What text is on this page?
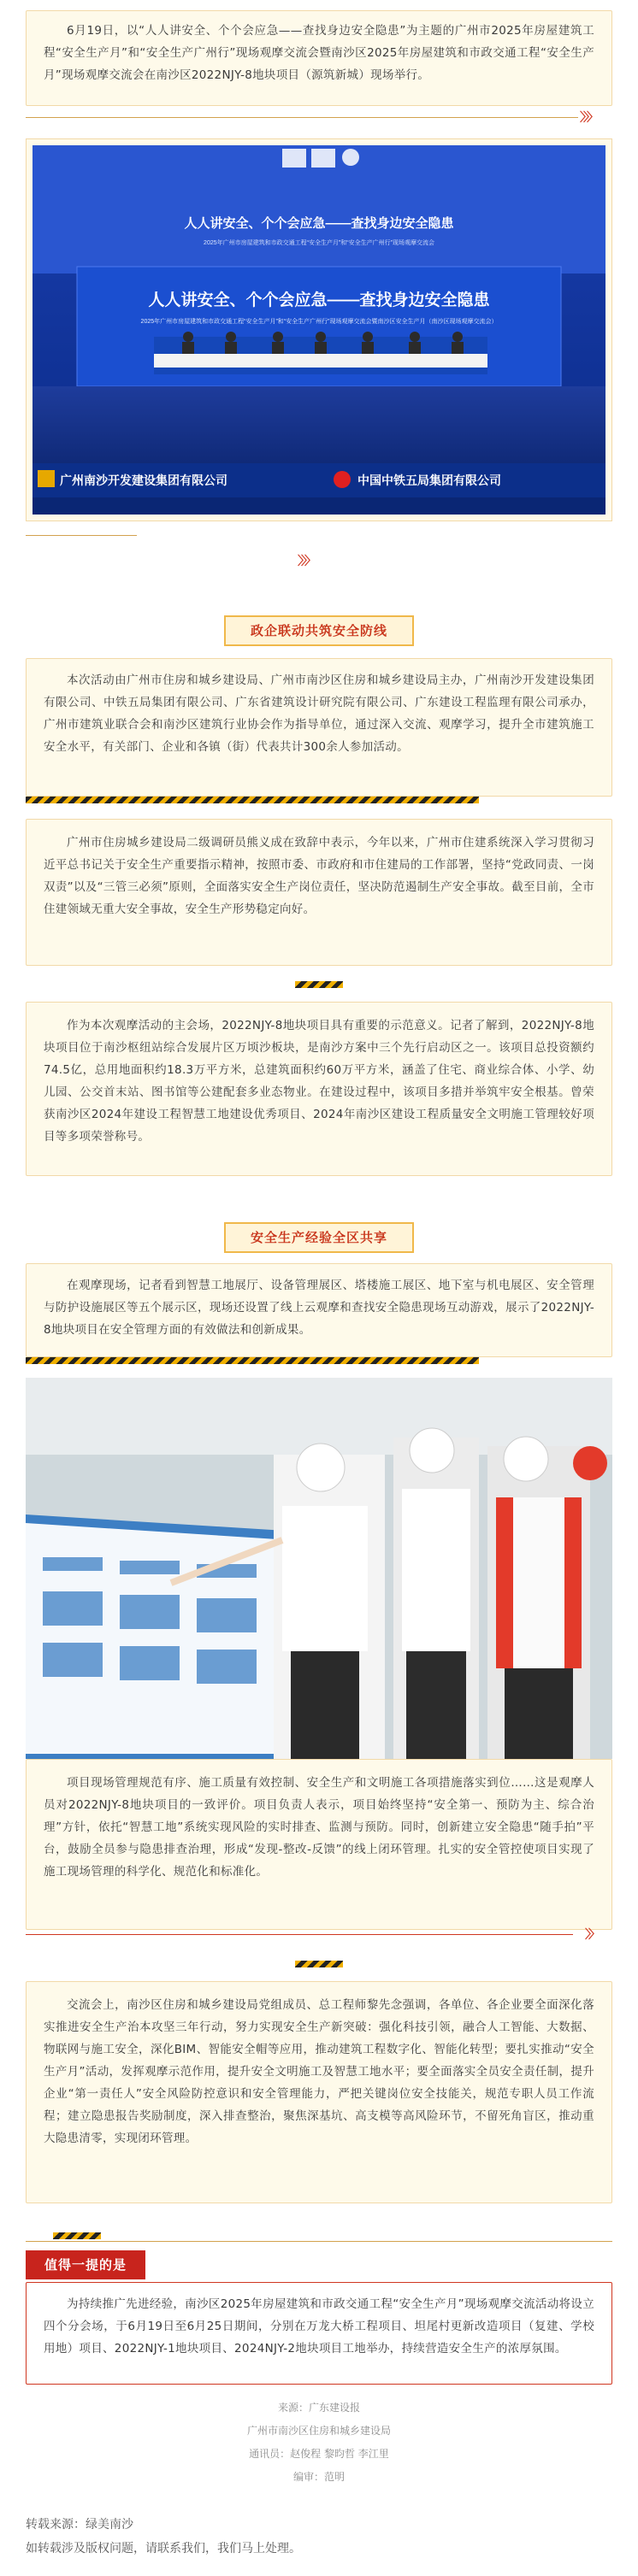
6月19日，以“人人讲安全、个个会应急——查找身边安全隐患”为主题的广州市2025年房屋建筑工程“安全生产月”和“安全生产广州行”现场观摩交流会暨南沙区2025年房屋建筑和市政交通工程“安全生产月”现场观摩交流会在南沙区2022NJY-8地块项目（源筑新城）现场举行。

〉〉〉
人人讲安全、个个会应急——查找身边安全隐患
2025年广州市房屋建筑和市政交通工程“安全生产月”和“安全生产广州行”现场观摩交流会
人人讲安全、个个会应急——查找身边安全隐患
2025年广州市房屋建筑和市政交通工程“安全生产月”和“安全生产广州行”现场观摩交流会暨南沙区安全生产月（南沙区现场观摩交流会）
广州南沙开发建设集团有限公司	中国中铁五局集团有限公司
〉〉〉
政企联动共筑安全防线

本次活动由广州市住房和城乡建设局、广州市南沙区住房和城乡建设局主办，广州南沙开发建设集团有限公司、中铁五局集团有限公司、广东省建筑设计研究院有限公司、广东建设工程监理有限公司承办，广州市建筑业联合会和南沙区建筑行业协会作为指导单位，通过深入交流、观摩学习，提升全市建筑施工安全水平，有关部门、企业和各镇（街）代表共计300余人参加活动。

广州市住房城乡建设局二级调研员熊义成在致辞中表示，今年以来，广州市住建系统深入学习贯彻习近平总书记关于安全生产重要指示精神，按照市委、市政府和市住建局的工作部署，坚持“党政同责、一岗双责”以及“三管三必须”原则，全面落实安全生产岗位责任，坚决防范遏制生产安全事故。截至目前，全市住建领域无重大安全事故，安全生产形势稳定向好。

作为本次观摩活动的主会场，2022NJY-8地块项目具有重要的示范意义。记者了解到，2022NJY-8地块项目位于南沙枢纽站综合发展片区万顷沙板块，是南沙方案中三个先行启动区之一。该项目总投资额约74.5亿，总用地面积约18.3万平方米，总建筑面积约60万平方米，涵盖了住宅、商业综合体、小学、幼儿园、公交首末站、图书馆等公建配套多业态物业。在建设过程中，该项目多措并举筑牢安全根基。曾荣获南沙区2024年建设工程智慧工地建设优秀项目、2024年南沙区建设工程质量安全文明施工管理较好项目等多项荣誉称号。

安全生产经验全区共享

在观摩现场，记者看到智慧工地展厅、设备管理展区、塔楼施工展区、地下室与机电展区、安全管理与防护设施展区等五个展示区，现场还设置了线上云观摩和查找安全隐患现场互动游戏，展示了2022NJY-8地块项目在安全管理方面的有效做法和创新成果。

项目现场管理规范有序、施工质量有效控制、安全生产和文明施工各项措施落实到位……这是观摩人员对2022NJY-8地块项目的一致评价。项目负责人表示，项目始终坚持“安全第一、预防为主、综合治理”方针，依托“智慧工地”系统实现风险的实时排查、监测与预防。同时，创新建立安全隐患“随手拍”平台，鼓励全员参与隐患排查治理，形成“发现-整改-反馈”的线上闭环管理。扎实的安全管控使项目实现了施工现场管理的科学化、规范化和标准化。

〉〉

交流会上，南沙区住房和城乡建设局党组成员、总工程师黎先念强调，各单位、各企业要全面深化落实推进安全生产治本攻坚三年行动，努力实现安全生产新突破：强化科技引领，融合人工智能、大数据、物联网与施工安全，深化BIM、智能安全帽等应用，推动建筑工程数字化、智能化转型；要扎实推动“安全生产月”活动，发挥观摩示范作用，提升安全文明施工及智慧工地水平；要全面落实全员安全责任制，提升企业“第一责任人”安全风险防控意识和安全管理能力，严把关键岗位安全技能关，规范专职人员工作流程；建立隐患报告奖励制度，深入排查整治，聚焦深基坑、高支模等高风险环节，不留死角盲区，推动重大隐患清零，实现闭环管理。

值得一提的是

为持续推广先进经验，南沙区2025年房屋建筑和市政交通工程“安全生产月”现场观摩交流活动将设立四个分会场，于6月19日至6月25日期间，分别在万龙大桥工程项目、坦尾村更新改造项目（复建、学校用地）项目、2022NJY-1地块项目、2024NJY-2地块项目工地举办，持续营造安全生产的浓厚氛围。

来源：广东建设报
广州市南沙区住房和城乡建设局
通讯员：赵俊程 黎昀哲 李江里
编审：范明
转载来源：绿美南沙
如转载涉及版权问题，请联系我们，我们马上处理。
